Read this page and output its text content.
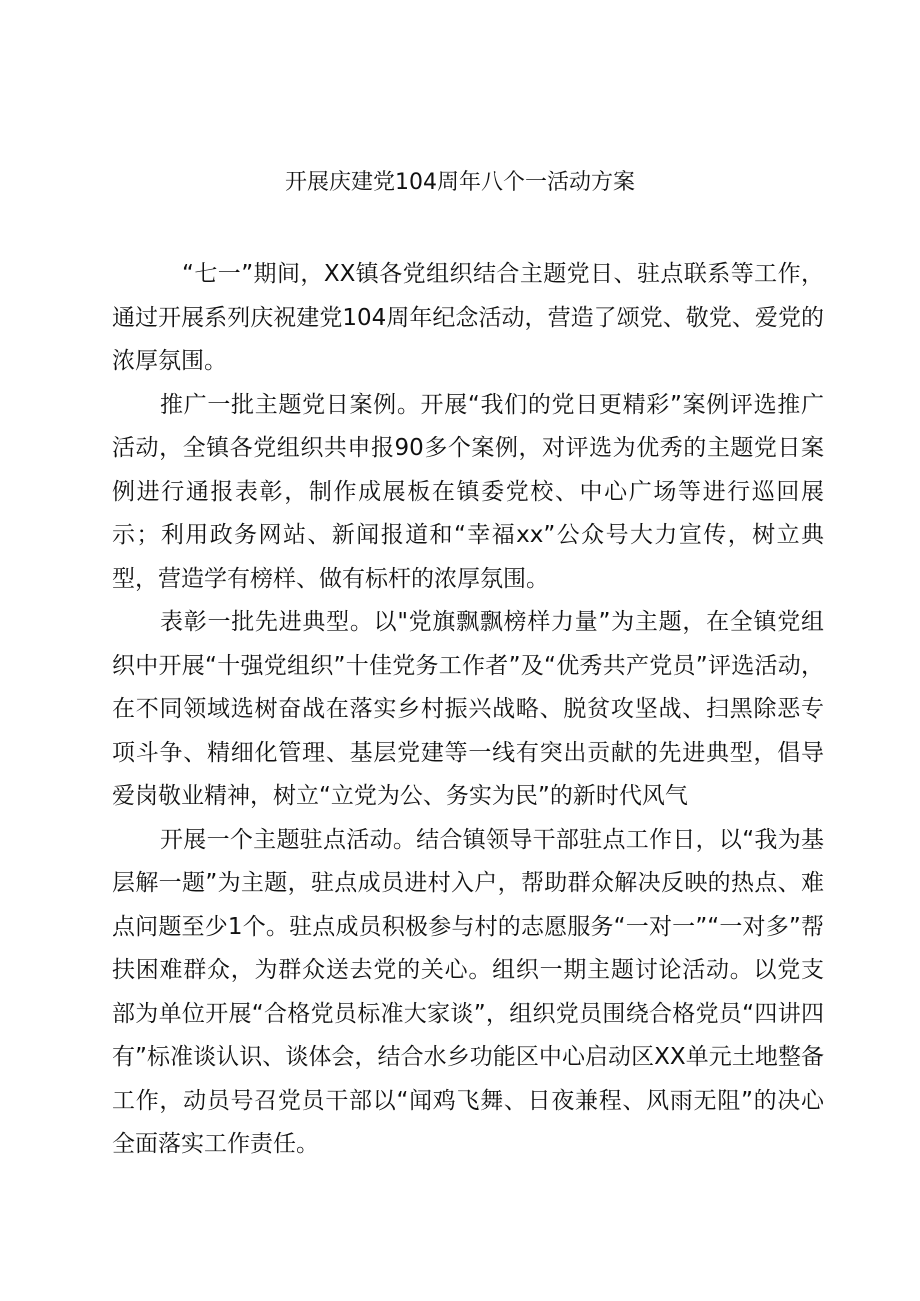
开展庆建党104周年八个一活动方案

“七一”期间，XX镇各党组织结合主题党日、驻点联系等工作，通过开展系列庆祝建党104周年纪念活动，营造了颂党、敬党、爱党的浓厚氛围。

推广一批主题党日案例。开展“我们的党日更精彩”案例评选推广活动，全镇各党组织共申报90多个案例，对评选为优秀的主题党日案例进行通报表彰，制作成展板在镇委党校、中心广场等进行巡回展示；利用政务网站、新闻报道和“幸福xx”公众号大力宣传，树立典型，营造学有榜样、做有标杆的浓厚氛围。

表彰一批先进典型。以"党旗飘飘榜样力量”为主题，在全镇党组织中开展“十强党组织”十佳党务工作者”及“优秀共产党员”评选活动，在不同领域选树奋战在落实乡村振兴战略、脱贫攻坚战、扫黑除恶专项斗争、精细化管理、基层党建等一线有突出贡献的先进典型，倡导爱岗敬业精神，树立“立党为公、务实为民”的新时代风气

开展一个主题驻点活动。结合镇领导干部驻点工作日，以“我为基层解一题”为主题，驻点成员进村入户，帮助群众解决反映的热点、难点问题至少1个。驻点成员积极参与村的志愿服务“一对一”“一对多”帮扶困难群众，为群众送去党的关心。组织一期主题讨论活动。以党支部为单位开展“合格党员标准大家谈”，组织党员围绕合格党员“四讲四有”标准谈认识、谈体会，结合水乡功能区中心启动区XX单元土地整备工作，动员号召党员干部以“闻鸡飞舞、日夜兼程、风雨无阻”的决心全面落实工作责任。
